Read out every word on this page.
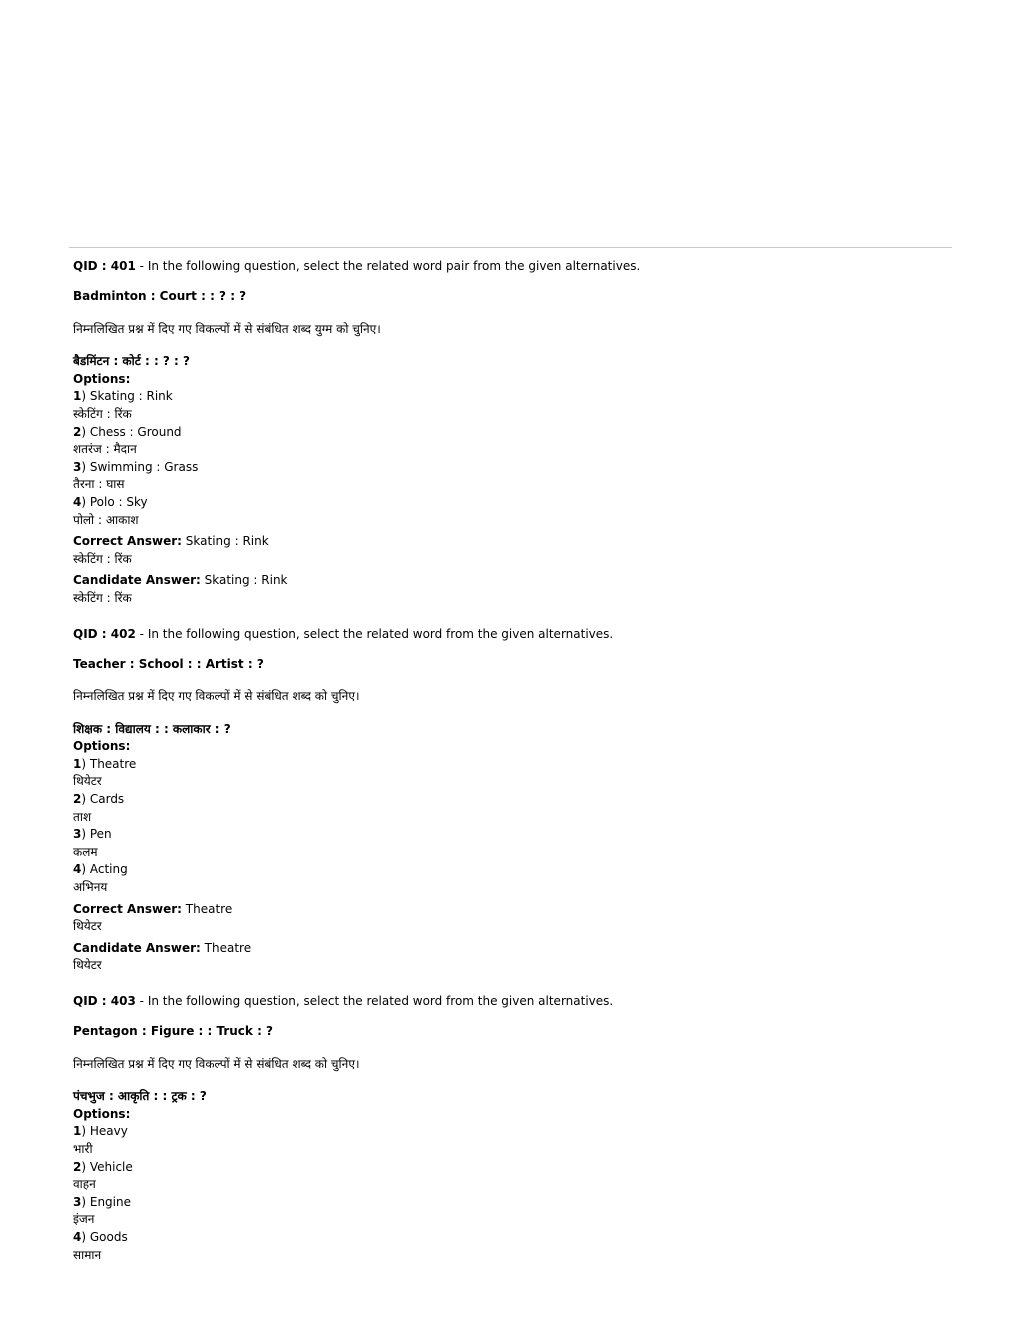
QID : 401 - In the following question, select the related word pair from the given alternatives.
Badminton : Court : : ? : ?
निम्नलिखित प्रश्न में दिए गए विकल्पों में से संबंधित शब्द युग्म को चुनिए।
बैडमिंटन : कोर्ट : : ? : ?
Options:
1) Skating : Rink
स्केटिंग : रिंक
2) Chess : Ground
शतरंज : मैदान
3) Swimming : Grass
तैरना : घास
4) Polo : Sky
पोलो : आकाश
Correct Answer: Skating : Rink
स्केटिंग : रिंक
Candidate Answer: Skating : Rink
स्केटिंग : रिंक
QID : 402 - In the following question, select the related word from the given alternatives.
Teacher : School : : Artist : ?
निम्नलिखित प्रश्न में दिए गए विकल्पों में से संबंधित शब्द को चुनिए।
शिक्षक : विद्यालय : : कलाकार : ?
Options:
1) Theatre
थियेटर
2) Cards
ताश
3) Pen
कलम
4) Acting
अभिनय
Correct Answer: Theatre
थियेटर
Candidate Answer: Theatre
थियेटर
QID : 403 - In the following question, select the related word from the given alternatives.
Pentagon : Figure : : Truck : ?
निम्नलिखित प्रश्न में दिए गए विकल्पों में से संबंधित शब्द को चुनिए।
पंचभुज : आकृति : : ट्रक : ?
Options:
1) Heavy
भारी
2) Vehicle
वाहन
3) Engine
इंजन
4) Goods
सामान
